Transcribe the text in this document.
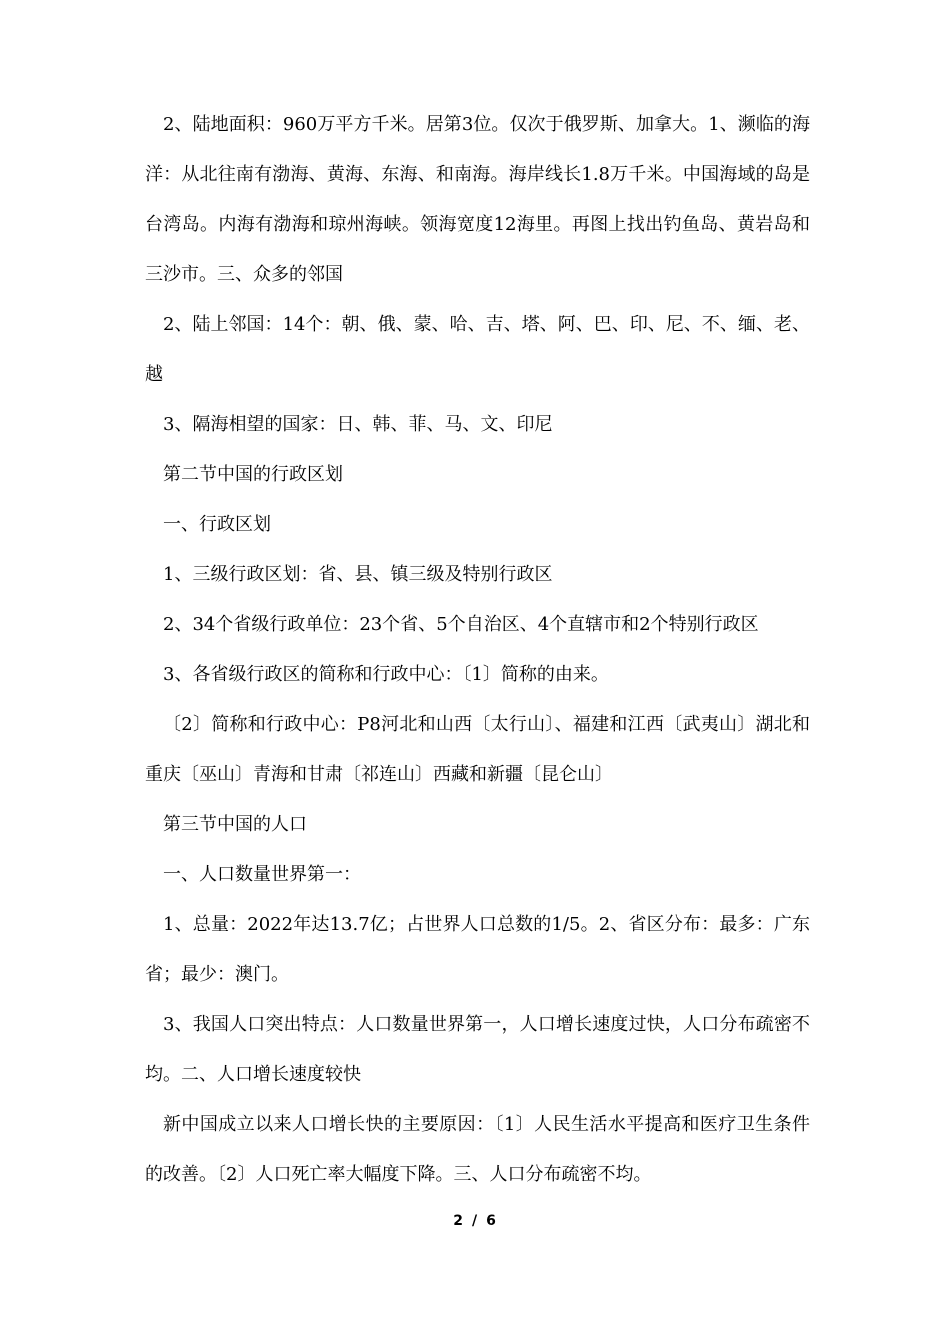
2、陆地面积：960万平方千米。居第3位。仅次于俄罗斯、加拿大。1、濒临的海洋：从北往南有渤海、黄海、东海、和南海。海岸线长1.8万千米。中国海域的岛是台湾岛。内海有渤海和琼州海峡。领海宽度12海里。再图上找出钓鱼岛、黄岩岛和三沙市。三、众多的邻国

2、陆上邻国：14个：朝、俄、蒙、哈、吉、塔、阿、巴、印、尼、不、缅、老、越

3、隔海相望的国家：日、韩、菲、马、文、印尼

第二节中国的行政区划

一、行政区划

1、三级行政区划：省、县、镇三级及特别行政区

2、34个省级行政单位：23个省、5个自治区、4个直辖市和2个特别行政区

3、各省级行政区的简称和行政中心：〔1〕简称的由来。

〔2〕简称和行政中心：P8河北和山西〔太行山〕、福建和江西〔武夷山〕湖北和重庆〔巫山〕青海和甘肃〔祁连山〕西藏和新疆〔昆仑山〕

第三节中国的人口

一、人口数量世界第一：

1、总量：2022年达13.7亿；占世界人口总数的1/5。2、省区分布：最多：广东省；最少：澳门。

3、我国人口突出特点：人口数量世界第一，人口增长速度过快，人口分布疏密不均。二、人口增长速度较快

新中国成立以来人口增长快的主要原因：〔1〕人民生活水平提高和医疗卫生条件的改善。〔2〕人口死亡率大幅度下降。三、人口分布疏密不均。

2 / 6
